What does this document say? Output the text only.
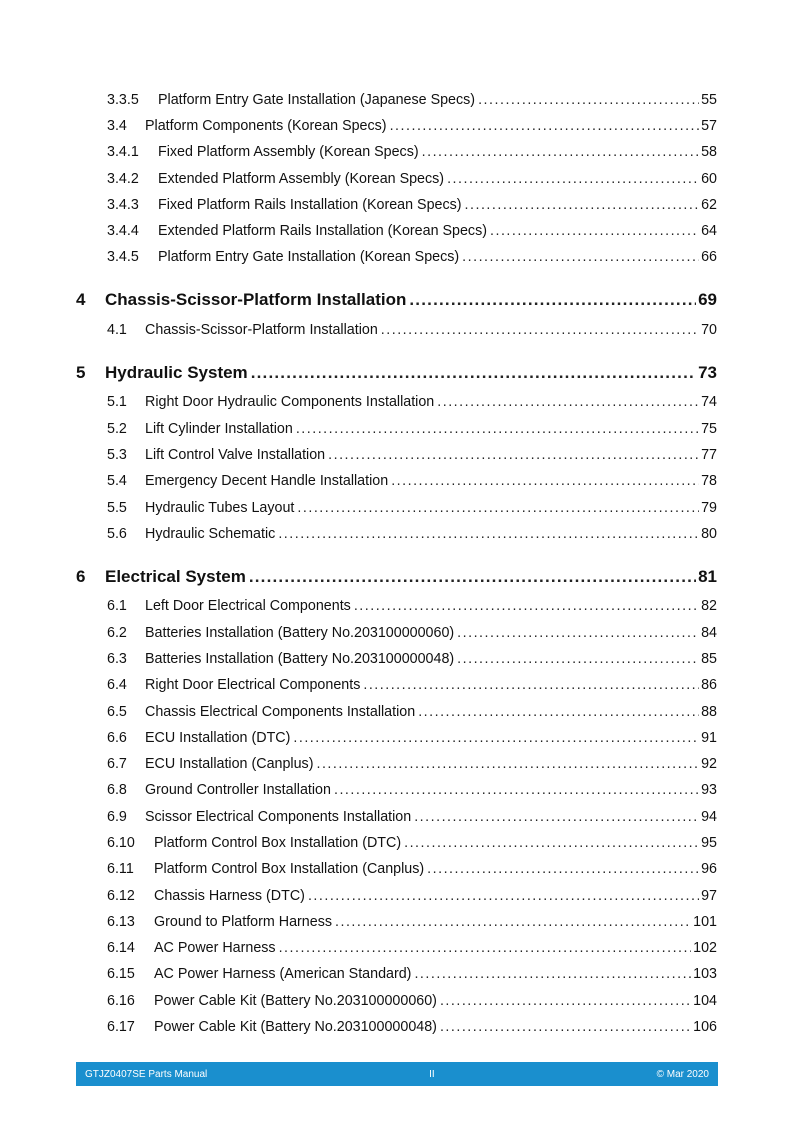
3.3.5	Platform Entry Gate Installation (Japanese Specs) .....	55
3.4	Platform Components (Korean Specs) .....	57
3.4.1	Fixed Platform Assembly (Korean Specs) .....	58
3.4.2	Extended Platform Assembly (Korean Specs) .....	60
3.4.3	Fixed Platform Rails Installation (Korean Specs) .....	62
3.4.4	Extended Platform Rails Installation (Korean Specs) .....	64
3.4.5	Platform Entry Gate Installation (Korean Specs) .....	66
4	Chassis-Scissor-Platform Installation .....	69
4.1	Chassis-Scissor-Platform Installation .....	70
5	Hydraulic System .....	73
5.1	Right Door Hydraulic Components Installation .....	74
5.2	Lift Cylinder Installation .....	75
5.3	Lift Control Valve Installation .....	77
5.4	Emergency Decent Handle Installation .....	78
5.5	Hydraulic Tubes Layout .....	79
5.6	Hydraulic Schematic .....	80
6	Electrical System .....	81
6.1	Left Door Electrical Components .....	82
6.2	Batteries Installation (Battery No.203100000060) .....	84
6.3	Batteries Installation (Battery No.203100000048) .....	85
6.4	Right Door Electrical Components .....	86
6.5	Chassis Electrical Components Installation .....	88
6.6	ECU Installation (DTC) .....	91
6.7	ECU Installation (Canplus) .....	92
6.8	Ground Controller Installation .....	93
6.9	Scissor Electrical Components Installation .....	94
6.10	Platform Control Box Installation (DTC) .....	95
6.11	Platform Control Box Installation (Canplus) .....	96
6.12	Chassis Harness (DTC) .....	97
6.13	Ground to Platform Harness .....	101
6.14	AC Power Harness .....	102
6.15	AC Power Harness (American Standard) .....	103
6.16	Power Cable Kit (Battery No.203100000060) .....	104
6.17	Power Cable Kit (Battery No.203100000048) .....	106
GTJZ0407SE Parts Manual	II	© Mar 2020
